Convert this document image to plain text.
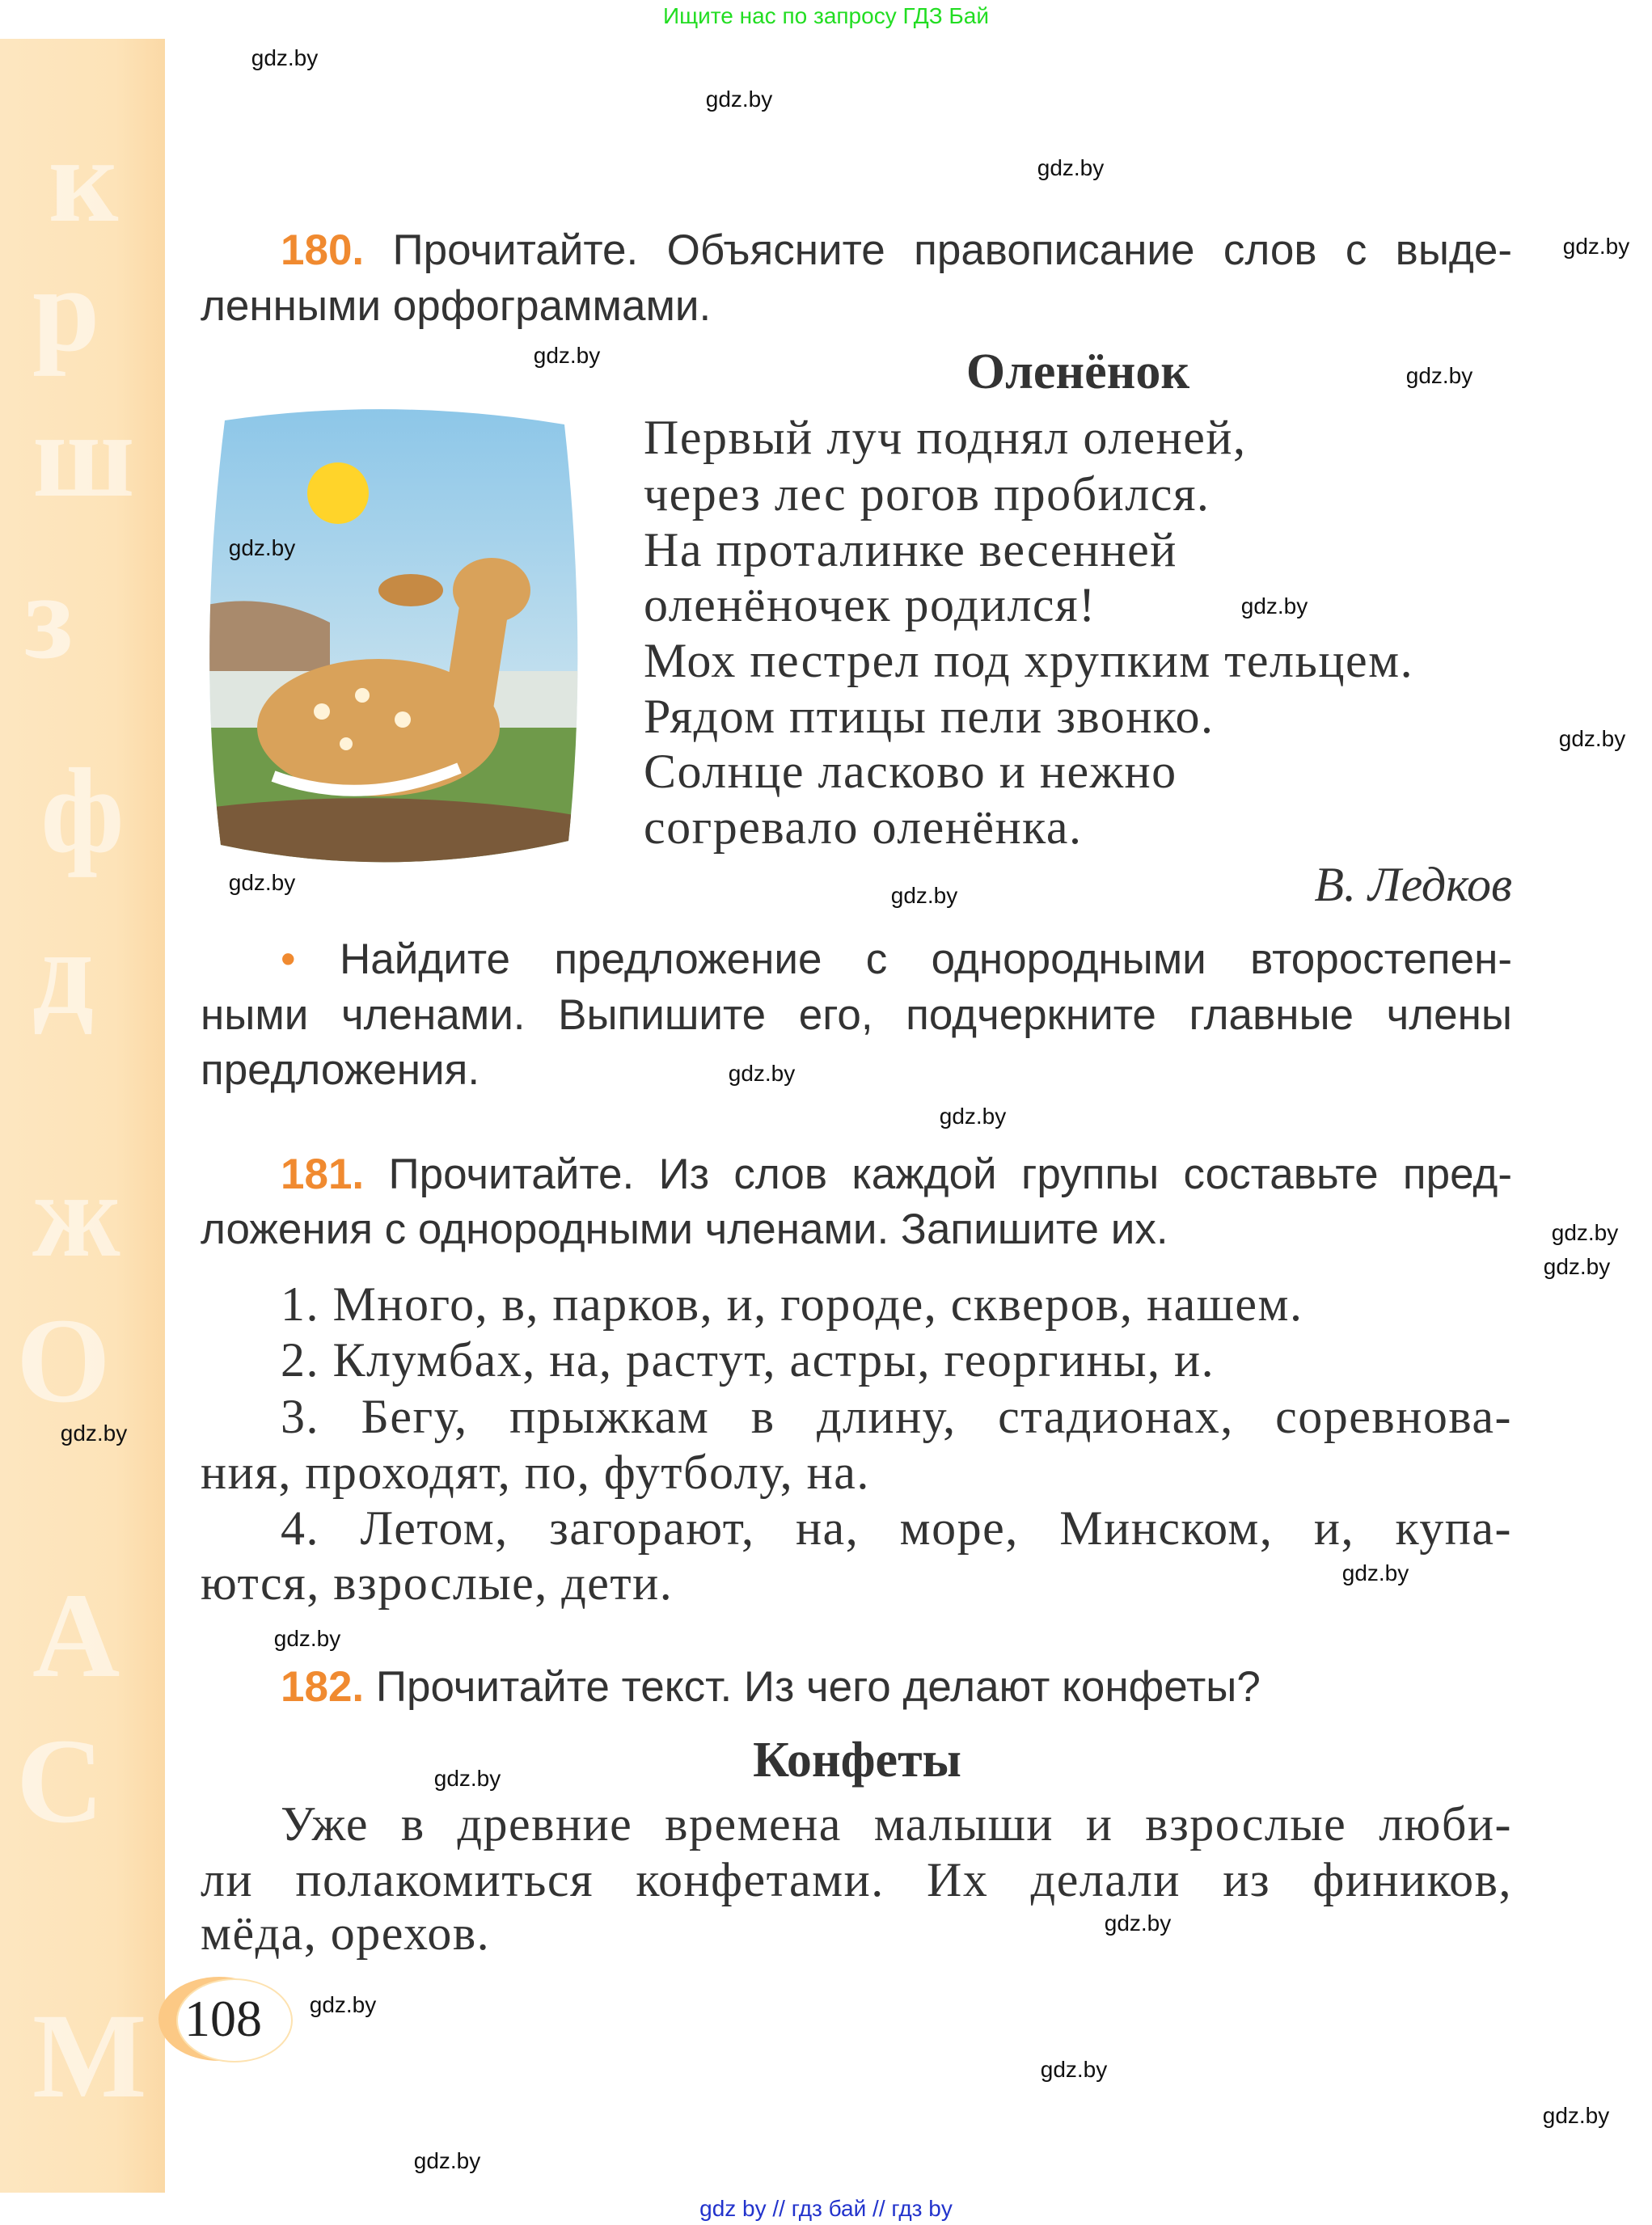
Ищите нас по запросу ГДЗ Бай
к
р
ш
з
ф
д
ж
О
А
С
М
180. Прочитайте. Объясните правописание слов с выде-
ленными орфограммами.
Оленёнок
Первый луч поднял оленей,
через лес рогов пробился.
На проталинке весенней
оленёночек родился!
Мох пестрел под хрупким тельцем.
Рядом птицы пели звонко.
Солнце ласково и нежно
согревало оленёнка.
В. Ледков
• Найдите предложение с однородными второстепен-
ными членами. Выпишите его, подчеркните главные члены
предложения.
181. Прочитайте. Из слов каждой группы составьте пред-
ложения с однородными членами. Запишите их.
1. Много, в, парков, и, городе, скверов, нашем.
2. Клумбах, на, растут, астры, георгины, и.
3. Бегу, прыжкам в длину, стадионах, соревнова-
ния, проходят, по, футболу, на.
4. Летом, загорают, на, море, Минском, и, купа-
ются, взрослые, дети.
182. Прочитайте текст. Из чего делают конфеты?
Конфеты
Уже в древние времена малыши и взрослые люби-
ли полакомиться конфетами. Их делали из фиников,
мёда, орехов.
108
gdz.by
gdz.by
gdz.by
gdz.by
gdz.by
gdz.by
gdz.by
gdz.by
gdz.by
gdz.by
gdz.by
gdz.by
gdz.by
gdz.by
gdz.by
gdz.by
gdz.by
gdz.by
gdz.by
gdz.by
gdz.by
gdz.by
gdz.by
gdz.by
gdz by // гдз бай // гдз by
